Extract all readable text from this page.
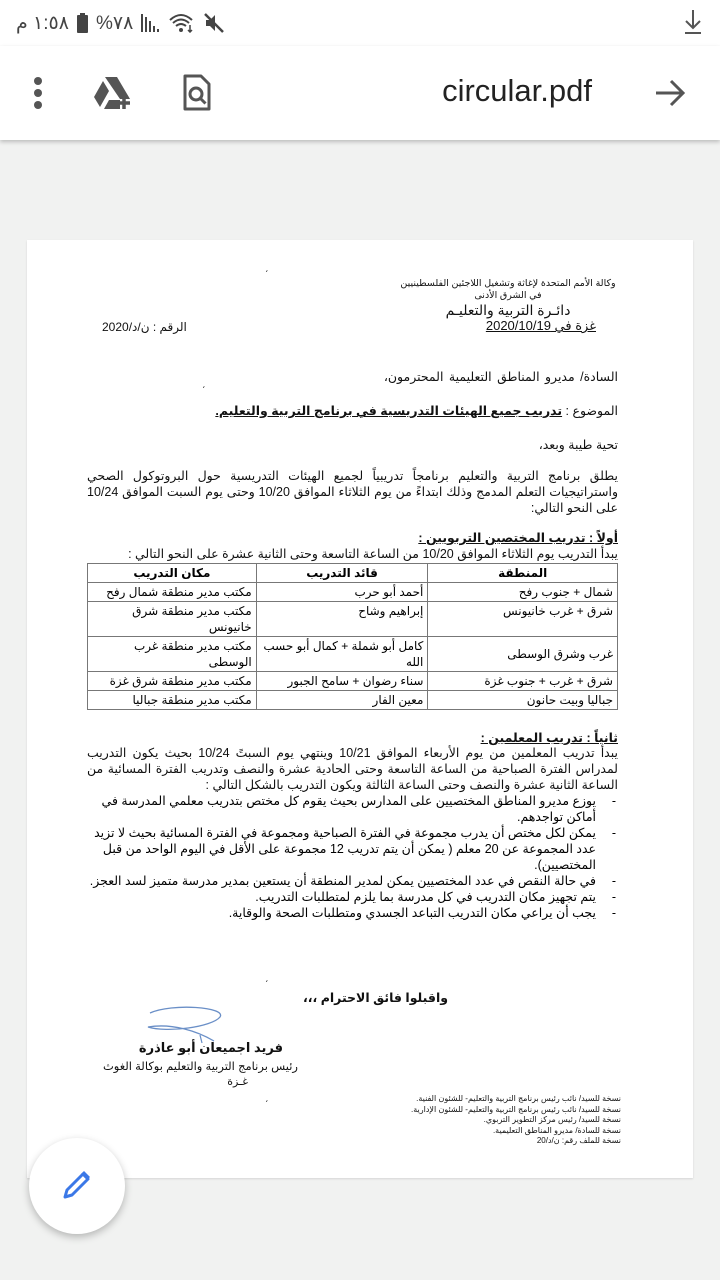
١:٥٨ م %٧٨
circular.pdf
ˊ
وكالة الأمم المتحدة لإغاثة وتشغيل اللاجئين الفلسطينيين
في الشرق الأدنى
دائـرة التربية والتعليـم
غزة في 2020/10/19
الرقم : ن/د/2020
السادة/ مديرو المناطق التعليمية المحترمون،
ˊ
الموضوع : تدريب جميع الهيئات التدريسية في برنامج التربية والتعليم.
تحية طيبة وبعد،
يطلق برنامج التربية والتعليم برنامجاً تدريبياً لجميع الهيئات التدريسية حول البروتوكول الصحي واستراتيجيات التعلم المدمج وذلك ابتداءً من يوم الثلاثاء الموافق 10/20 وحتى يوم السبت الموافق 10/24 على النحو التالي:
أولاً : تدريب المختصين التربويين :
يبدأ التدريب يوم الثلاثاء الموافق 10/20 من الساعة التاسعة وحتى الثانية عشرة على النحو التالي :
المنطقة	قائد التدريب	مكان التدريب
شمال + جنوب رفح	أحمد أبو حرب	مكتب مدير منطقة شمال رفح
شرق + غرب خانيونس	إبراهيم وشاح	مكتب مدير منطقة شرق خانيونس
غرب وشرق الوسطى	كامل أبو شملة + كمال أبو حسب الله	مكتب مدير منطقة غرب الوسطى
شرق + غرب + جنوب غزة	سناء رضوان + سامح الجبور	مكتب مدير منطقة شرق غزة
جباليا وبيت حانون	معين الفار	مكتب مدير منطقة جباليا
ثانياً : تدريب المعلمين :
يبدأ تدريب المعلمين من يوم الأربعاء الموافق 10/21 وينتهي يوم السبتً 10/24 بحيث يكون التدريب لمدراس الفترة الصباحية من الساعة التاسعة وحتى الحادية عشرة والنصف وتدريب الفترة المسائية من الساعة الثانية عشرة والنصف وحتى الساعة الثالثة ويكون التدريب بالشكل التالي :
-
يوزع مديرو المناطق المختصيين على المدارس بحيث يقوم كل مختص بتدريب معلمي المدرسة في أماكن تواجدهم.
-
يمكن لكل مختص أن يدرب مجموعة في الفترة الصباحية ومجموعة في الفترة المسائية بحيث لا تزيد عدد المجموعة عن 20 معلم ( يمكن أن يتم تدريب 12 مجموعة على الأقل في اليوم الواحد من قبل المختصيين).
-
في حالة النقص في عدد المختصيين يمكن لمدير المنطقة أن يستعين بمدير مدرسة متميز لسد العجز.
-
يتم تجهيز مكان التدريب في كل مدرسة بما يلزم لمتطلبات التدريب.
-
يجب أن يراعي مكان التدريب التباعد الجسدي ومتطلبات الصحة والوقاية.
ˊ
واقبلوا فائق الاحترام ،،،
فريد اجميعان أبو عاذرة
رئيس برنامج التربية والتعليم بوكالة الغوث
غـزة
ˊ
نسخة للسيد/ نائب رئيس برنامج التربية والتعليم- للشئون الفنية.
نسخة للسيد/ نائب رئيس برنامج التربية والتعليم- للشئون الإدارية.
نسخة للسيد/ رئيس مركز التطوير التربوي.
نسخة للسادة/ مديرو المناطق التعليمية.
نسخة للملف رقم: ن/د/20
